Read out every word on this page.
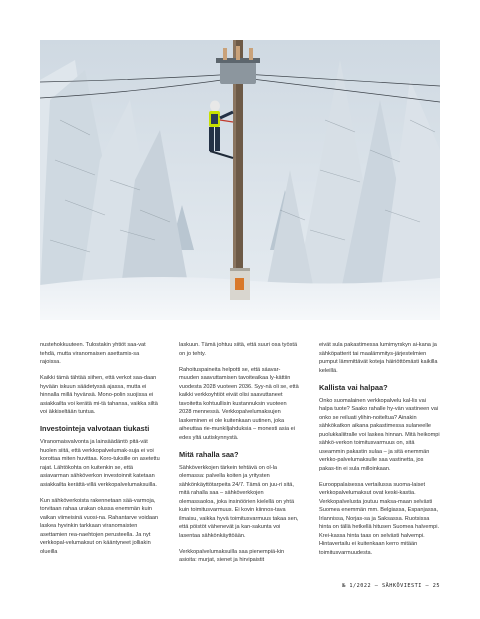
nustehokkuuteen. Tulostakin yhtiöt saa-vat tehdä, mutta viranomaisen asettamis-sa rajoissa.

Kaikki tämä tähtää siihen, että verkot saa-daan hyvään iskuun säädetyssä ajassa, mutta ei hinnalla millä hyvänsä. Mono-polin suojissa ei asiakkailta voi kerätä mi-tä tahansa, vaikka siltä voi äkkiseltään tuntua.

Investointeja valvotaan tiukasti

Viranomaisvalvonta ja lainsäädäntö pitä-vät huolen siitä, että verkkopalvelumak-suja ei voi korottaa miten huvittaa. Koro-tuksille on asetettu rajat. Lähtökohta on kuitenkin se, että asiavarman sähköverkon investoinnit katetaan asiakkailta kerättä-villä verkkopalvelumaksuilla.

Kun sähköverkoista rakennetaan sää-varmoja, torvitaan rahaa urakan olussa enemmän kuin vaikan viimeisinä vuosi-na. Rahantarve voidaan laskea hyvinkin tarkkaan viranomaisten asettamien rea-naehtojen perusteella. Ja nyt verkkopal-velumaksut on kääntyneet jolliakin olueilla

laskuun. Tämä johtuu siitä, että suuri osa työstä on jo tehty.

Rahoituspaineita helpotti se, että sáavar-muuden saavuttamisen tavoiteaikaa ly-kättiin vuodesta 2028 vuoteen 2036. Syy-nä oli se, että kaikki verkkoyhtiöt eivät olisi saavuttaneet tavoitetta kohtuullisin kustannuksin vuoteen 2028 mennessä. Verkkopalvelumaksujen laskeminen ei ole kuitenkaan uutinen, joka aiheuttaa rie-munkiljahduksia – monesti asia ei edes yltä uutiskynnystä.

Mitä rahalla saa?

Sähköverkkojen tärkein tehtävä on ol-la olemassa: palvella koiten ja yritysten sähkönkäyttötarpeita 24/7. Tämä on juu-ri sitä, mitä rahalla saa – sähköverkkojen olemassaoloa, joka insinöörien kielellä on yhtä kuin toimitusvarmuus. Ei kovin kiinnos-tava ilmaisu, vaikka hyvä toimitusvarmuus takaa sen, että pöistöt vähenevät ja kan-sakunta voi lasentaa sähkönkäyttöään.

Verkkopalvelumaksuilla saa pienempiä-kin asioita: murjat, sienet ja hirvipaistit

eivät sula pakastimessa lumimyrskyn ai-kana ja sähköpatterit tai maalämmitys-järjestelmien pumput lämmittävät koteja häiriöttömästi kaikilla keleillä.

Kallista vai halpaa?

Onko suomalainen verkkopalvelu kal-lis vai halpa tuote? Saako rahalle hy-vän vastineen vai onko se reiluati ylihin-noiteltua? Ainakin sähkökatkon aikana pakastimessa sulaneelle puolukkaliitralle voi laskea hinnan. Mitä heikompi sähkö-verkon toimitusvarmuus on, sitä useammin pakastin sulaa – ja sitä enemmän verkko-palvelumaksulle saa vastinetta, jos pakas-tin ei sula milloinkaan.

Eurooppalaisessa vertailussa suoma-laiset verkkopalvelumaksut ovat keski-kastia. Verkkopalvelusta joutuu maksa-maan selvästi Suomea enemmän mm. Belgiassa, Espanjassa, Irlannissa, Norjas-sa ja Saksassa. Ruotsissa hinta on tällä hetkellä hitusen Suomea halvempi. Krei-kassa hinta taas on selvästi halvempi. Hintavertailu ei kuitenkaan kerro mitään toimitusvarmuudesta.

№ 1/2022 – SÄHKÖVIESTI – 25
